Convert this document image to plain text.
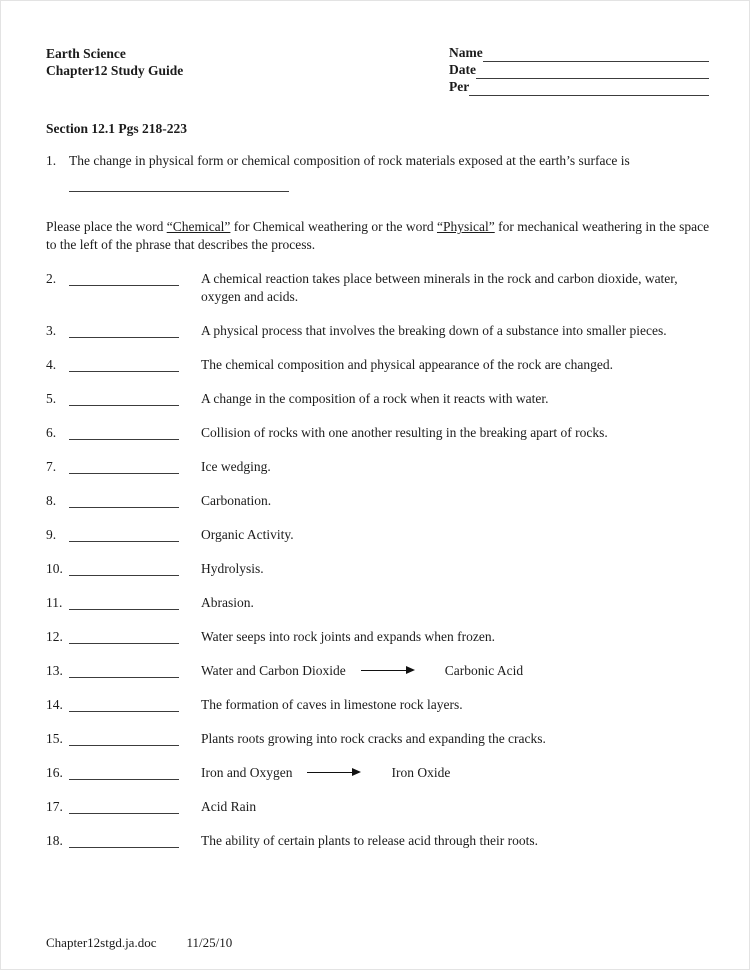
Earth Science
Chapter12 Study Guide
Name
Date
Per
Section 12.1 Pgs 218-223
1. The change in physical form or chemical composition of rock materials exposed at the earth’s surface is
Please place the word “Chemical” for Chemical weathering or the word “Physical” for mechanical weathering in the space to the left of the phrase that describes the process.
2.	A chemical reaction takes place between minerals in the rock and carbon dioxide, water, oxygen and acids.
3.	A physical process that involves the breaking down of a substance into smaller pieces.
4.	The chemical composition and physical appearance of the rock are changed.
5.	A change in the composition of a rock when it reacts with water.
6.	Collision of rocks with one another resulting in the breaking apart of rocks.
7.	Ice wedging.
8.	Carbonation.
9.	Organic Activity.
10.	Hydrolysis.
11.	Abrasion.
12.	Water seeps into rock joints and expands when frozen.
13.	Water and Carbon Dioxide	Carbonic Acid
14.	The formation of caves in limestone rock layers.
15.	Plants roots growing into rock cracks and expanding the cracks.
16.	Iron and Oxygen	Iron Oxide
17.	Acid Rain
18.	The ability of certain plants to release acid through their roots.
Chapter12stgd.ja.doc 11/25/10
